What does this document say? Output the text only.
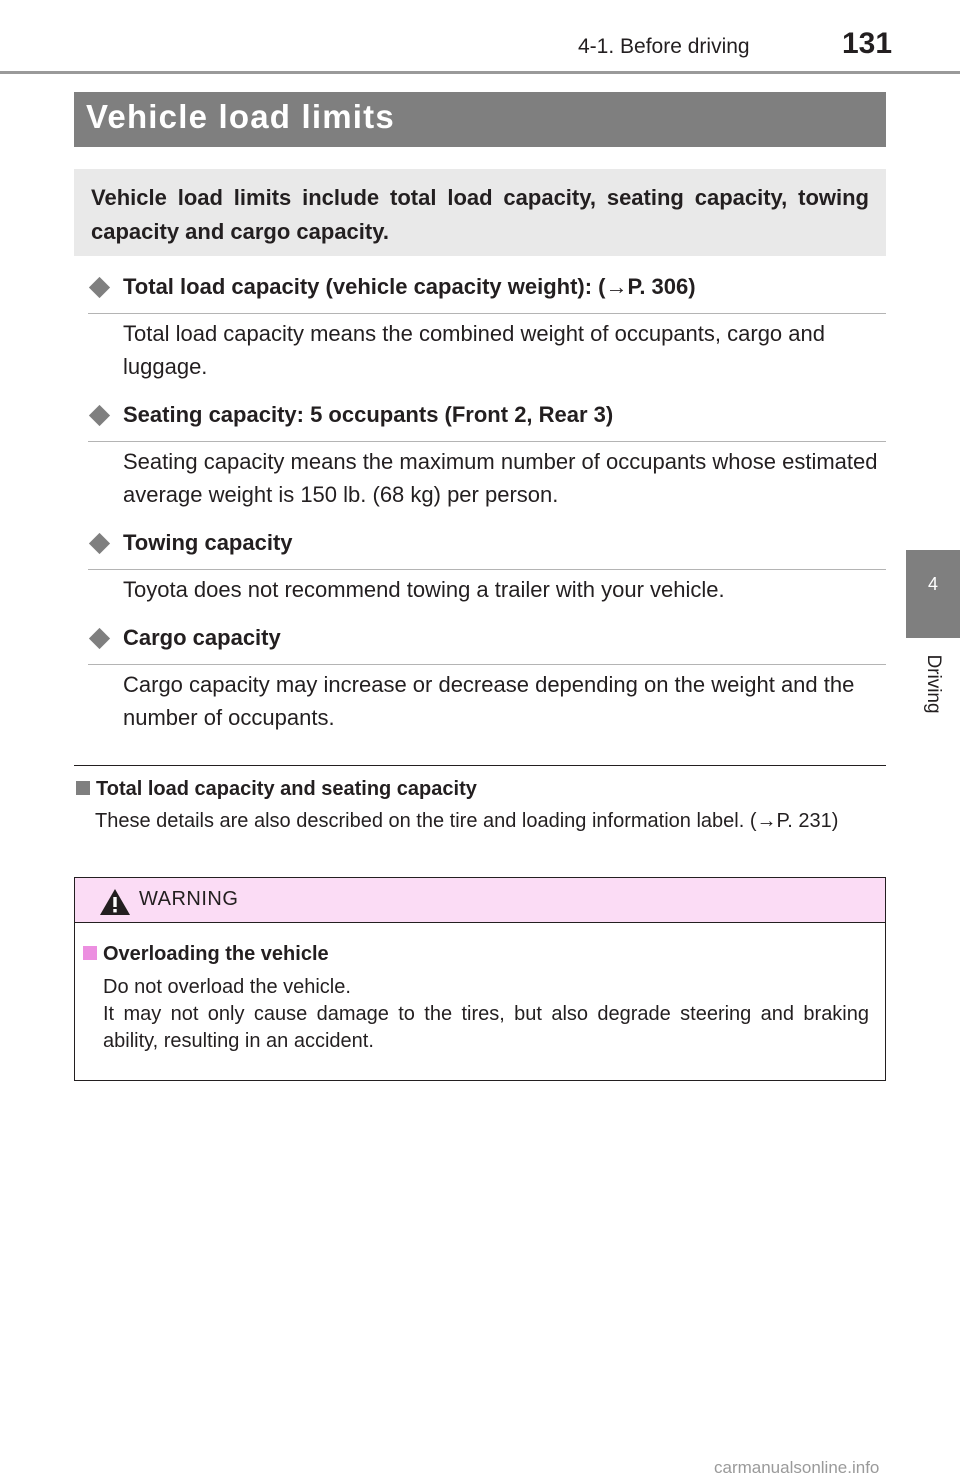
4-1. Before driving	131
4
Driving
Vehicle load limits
Vehicle load limits include total load capacity, seating capacity, towing capacity and cargo capacity.
Total load capacity (vehicle capacity weight): (→P. 306)
Total load capacity means the combined weight of occupants, cargo and luggage.
Seating capacity: 5 occupants (Front 2, Rear 3)
Seating capacity means the maximum number of occupants whose estimated average weight is 150 lb. (68 kg) per person.
Towing capacity
Toyota does not recommend towing a trailer with your vehicle.
Cargo capacity
Cargo capacity may increase or decrease depending on the weight and the number of occupants.
Total load capacity and seating capacity
These details are also described on the tire and loading information label. (→P. 231)
WARNING
Overloading the vehicle
Do not overload the vehicle.
It may not only cause damage to the tires, but also degrade steering and braking ability, resulting in an accident.
carmanualsonline.info
